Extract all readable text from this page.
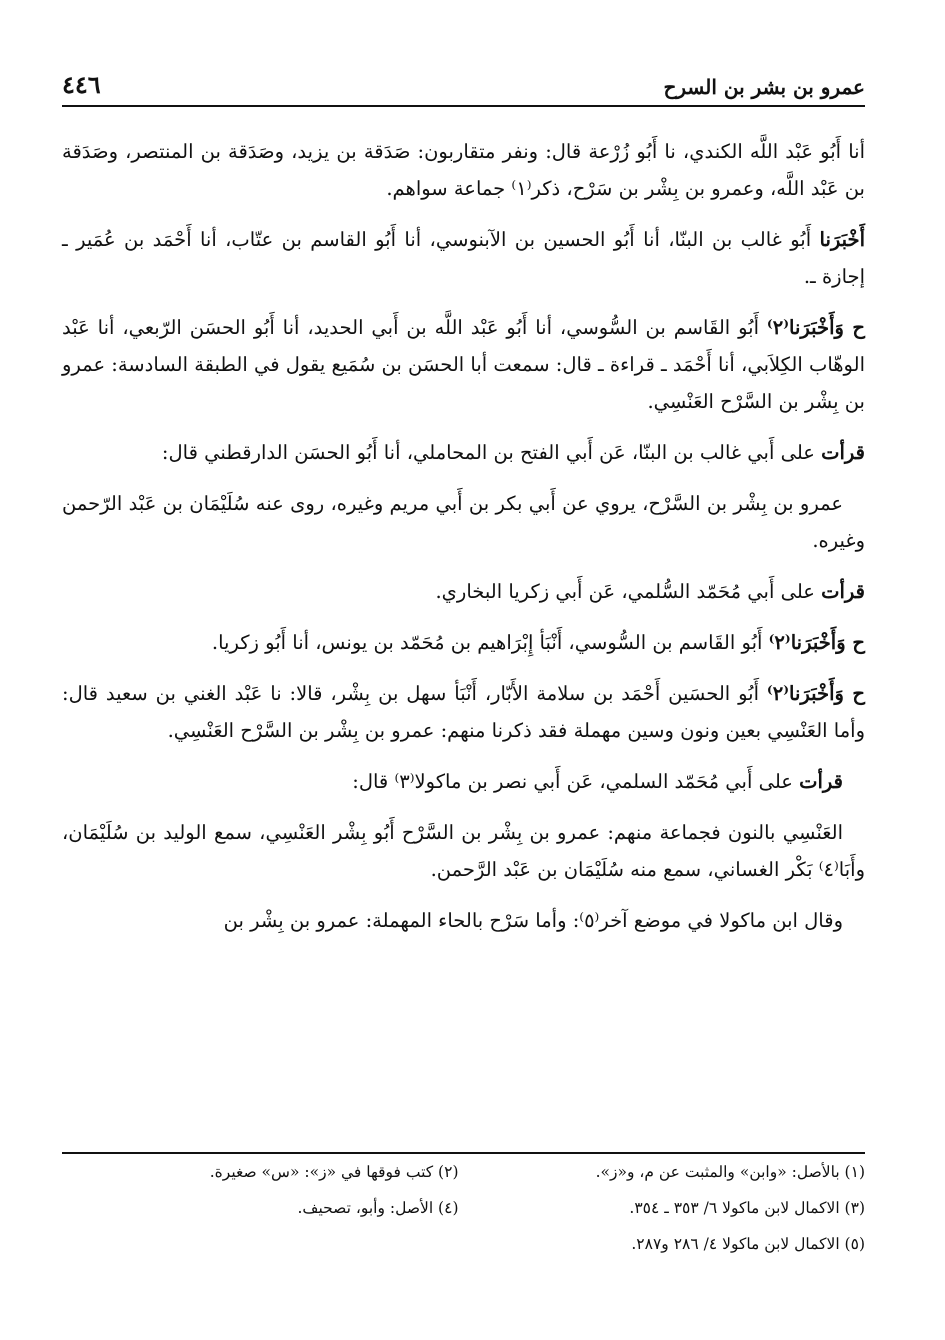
عمرو بن بشر بن السرح
٤٤٦

أنا أَبُو عَبْد اللَّه الكندي، نا أَبُو زُرْعة قال: ونفر متقاربون: صَدَقة بن يزيد، وصَدَقة بن المنتصر، وصَدَقة بن عَبْد اللَّه، وعمرو بن بِشْر بن سَرْح، ذكر⁽١⁾ جماعة سواهم.

أَخْبَرَنا أَبُو غالب بن البنّا، أنا أَبُو الحسين بن الآبنوسي، أنا أَبُو القاسم بن عتّاب، أنا أَحْمَد بن عُمَير ـ إجازة ـ.

ح وَأَخْبَرَنا⁽٢⁾ أَبُو القَاسم بن السُّوسي، أنا أَبُو عَبْد اللَّه بن أَبي الحديد، أنا أَبُو الحسَن الرّبعي، أنا عَبْد الوهّاب الكِلاَبي، أنا أَحْمَد ـ قراءة ـ قال: سمعت أبا الحسَن بن سُمَيع يقول في الطبقة السادسة: عمرو بن بِشْر بن السَّرْح العَنْسِي.

قرأت على أَبي غالب بن البنّا، عَن أَبي الفتح بن المحاملي، أنا أَبُو الحسَن الدارقطني قال:

عمرو بن بِشْر بن السَّرْح، يروي عن أَبي بكر بن أَبي مريم وغيره، روى عنه سُلَيْمَان بن عَبْد الرّحمن وغيره.

قرأت على أَبي مُحَمّد السُّلمي، عَن أَبي زكريا البخاري.

ح وَأَخْبَرَنا⁽٢⁾ أَبُو القَاسم بن السُّوسي، أَنْبَأ إِبْرَاهيم بن مُحَمّد بن يونس، أنا أَبُو زكريا.

ح وَأَخْبَرَنا⁽٢⁾ أَبُو الحسَين أَحْمَد بن سلامة الأَبّار، أَنْبَأ سهل بن بِشْر، قالا: نا عَبْد الغني بن سعيد قال: وأما العَنْسِي بعين ونون وسين مهملة فقد ذكرنا منهم: عمرو بن بِشْر بن السَّرْح العَنْسِي.

قرأت على أَبي مُحَمّد السلمي، عَن أَبي نصر بن ماكولا⁽٣⁾ قال:

العَنْسِي بالنون فجماعة منهم: عمرو بن بِشْر بن السَّرْح أَبُو بِشْر العَنْسِي، سمع الوليد بن سُلَيْمَان، وأَبَا⁽٤⁾ بَكْر الغساني، سمع منه سُلَيْمَان بن عَبْد الرَّحمن.

وقال ابن ماكولا في موضع آخر⁽٥⁾: وأما سَرْح بالحاء المهملة: عمرو بن بِشْر بن

(١) بالأصل: «وابن» والمثبت عن م، و«ز».
(٢) كتب فوقها في «ز»: «س» صغيرة.
(٣) الاكمال لابن ماكولا ٦/ ٣٥٣ ـ ٣٥٤.
(٤) الأصل: وأبو، تصحيف.
(٥) الاكمال لابن ماكولا ٤/ ٢٨٦ و٢٨٧.
